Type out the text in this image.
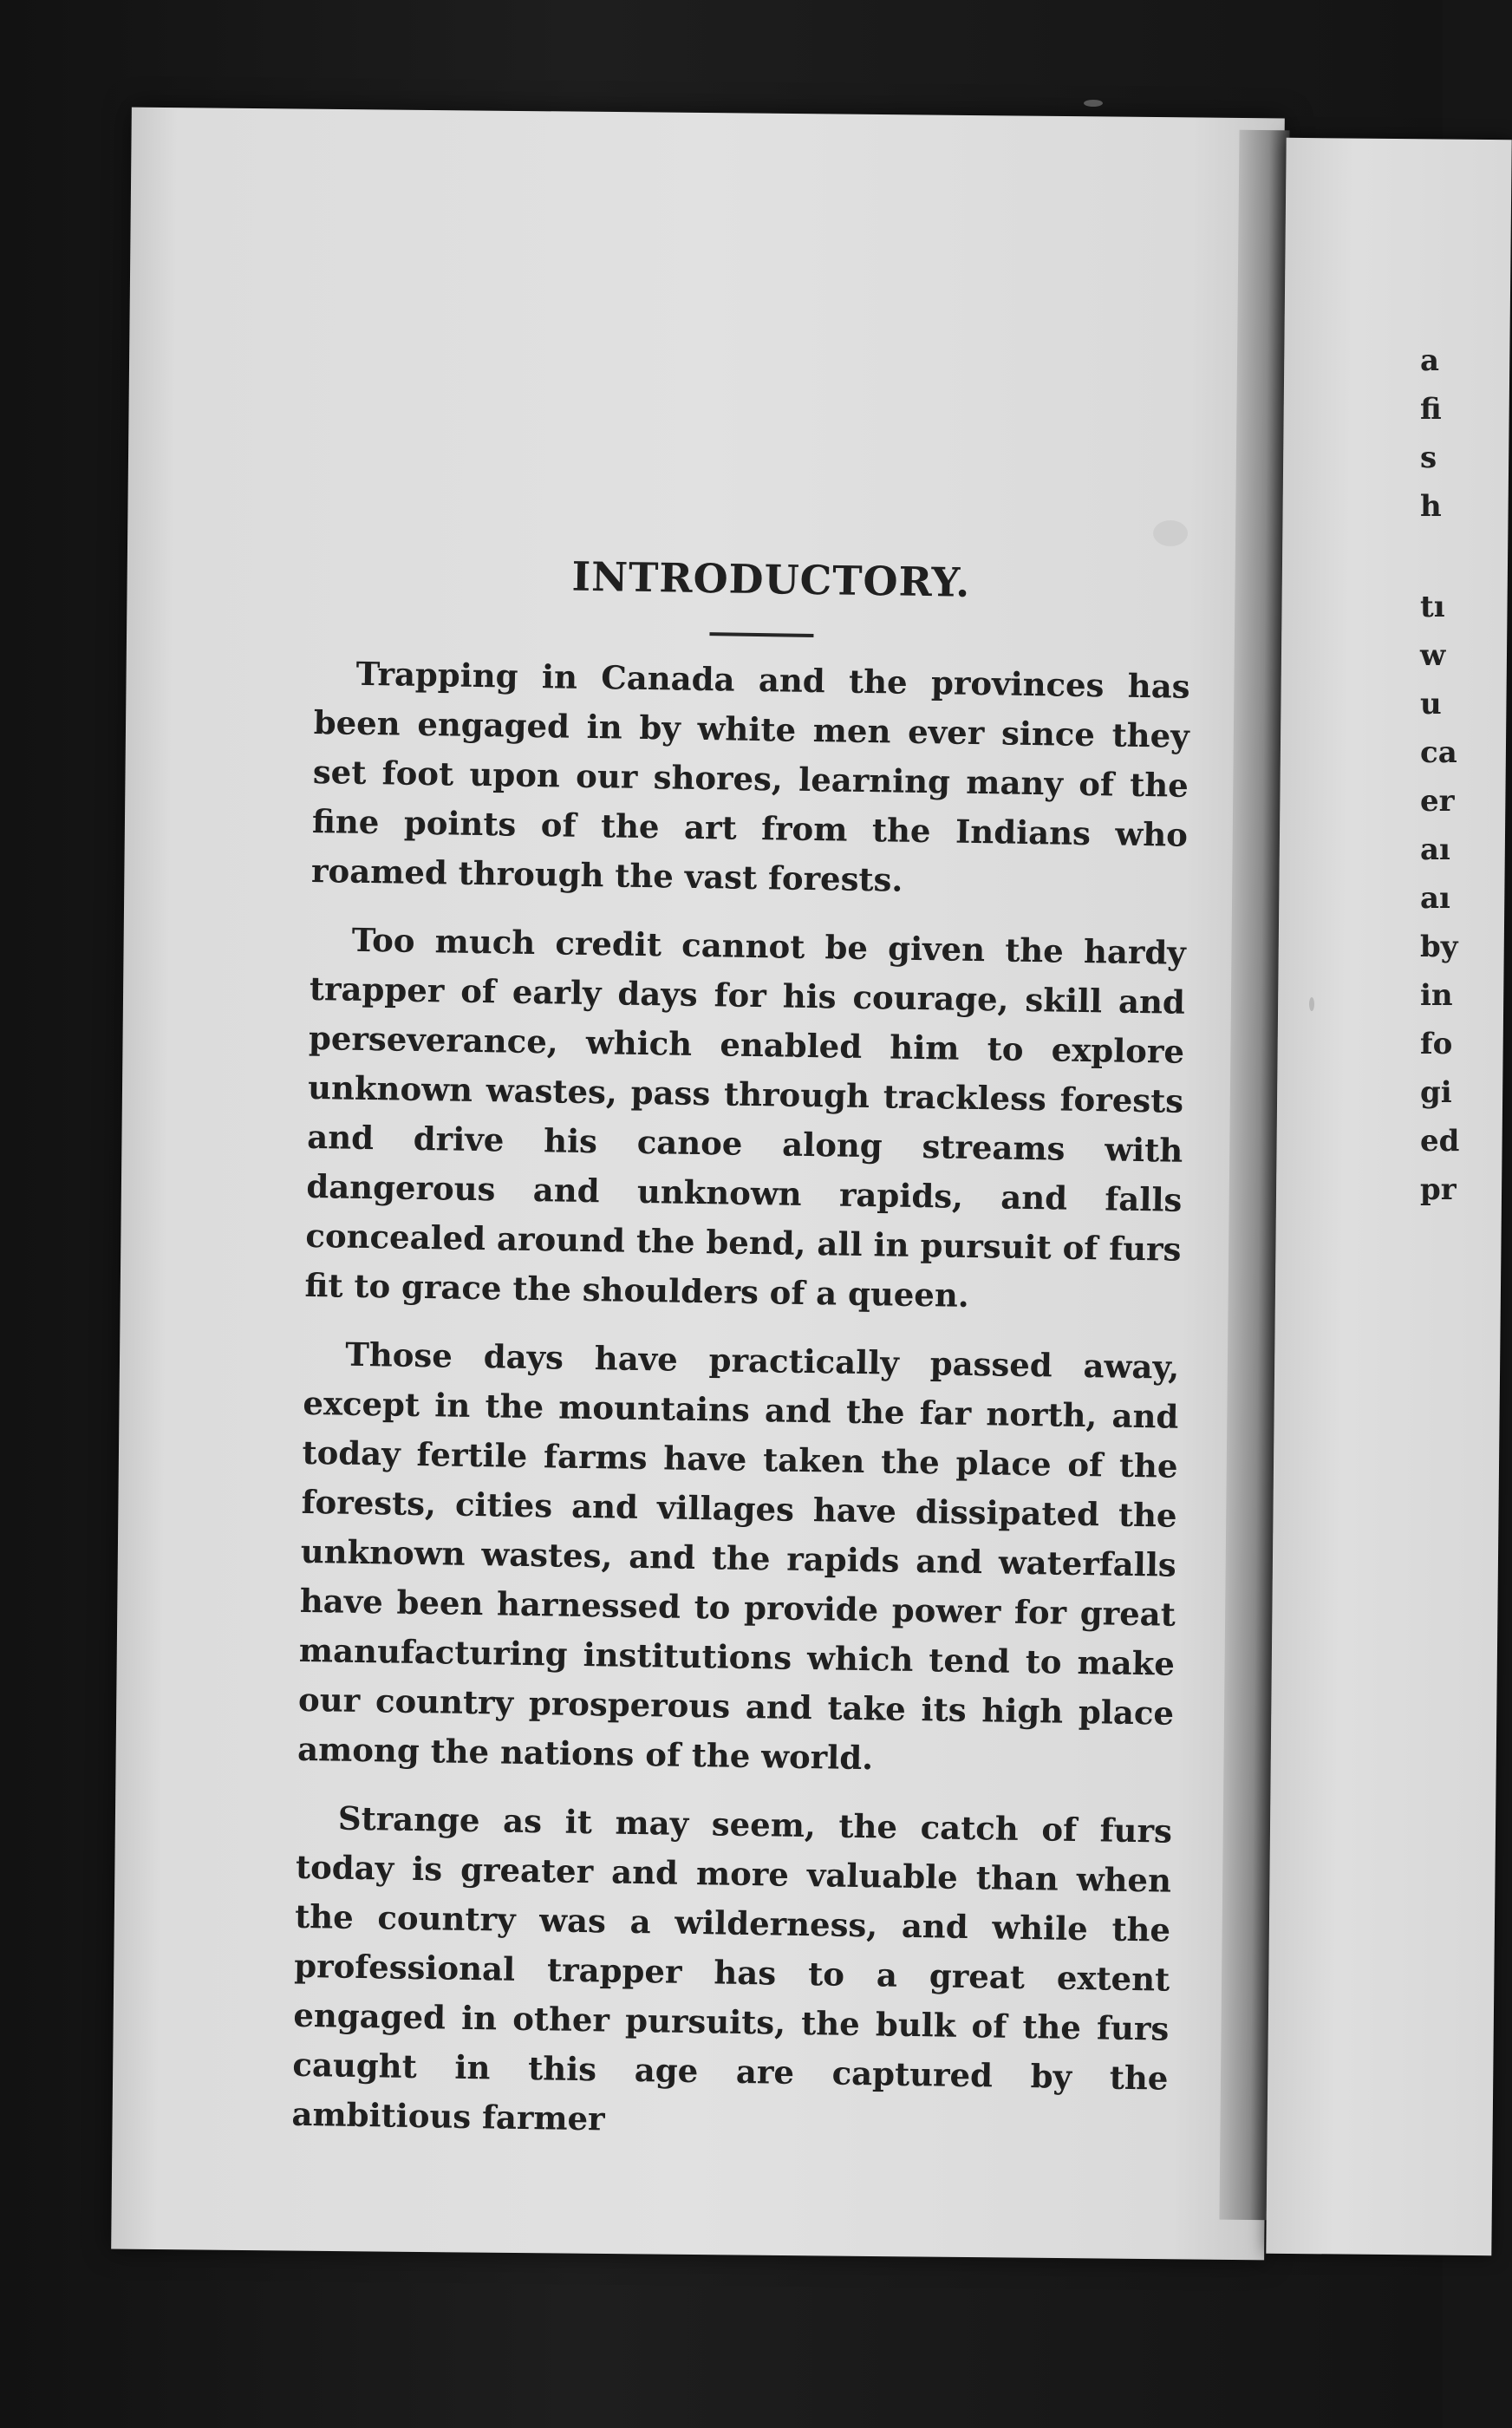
INTRODUCTORY.

Trapping in Canada and the provinces has been engaged in by white men ever since they set foot upon our shores, learning many of the fine points of the art from the Indians who roamed through the vast forests.

Too much credit cannot be given the hardy trapper of early days for his courage, skill and perseverance, which enabled him to explore unknown wastes, pass through trackless forests and drive his canoe along streams with dangerous and unknown rapids, and falls concealed around the bend, all in pursuit of furs fit to grace the shoulders of a queen.

Those days have practically passed away, except in the mountains and the far north, and today fertile farms have taken the place of the forests, cities and villages have dissipated the unknown wastes, and the rapids and waterfalls have been harnessed to provide power for great manufacturing institutions which tend to make our country prosperous and take its high place among the nations of the world.

Strange as it may seem, the catch of furs today is greater and more valuable than when the country was a wilderness, and while the professional trapper has to a great extent engaged in other pursuits, the bulk of the furs caught in this age are captured by the ambitious farmer

a
fi
s
h
tı
w
u
ca
er
aı
aı
by
in
fo
gi
ed
pr
